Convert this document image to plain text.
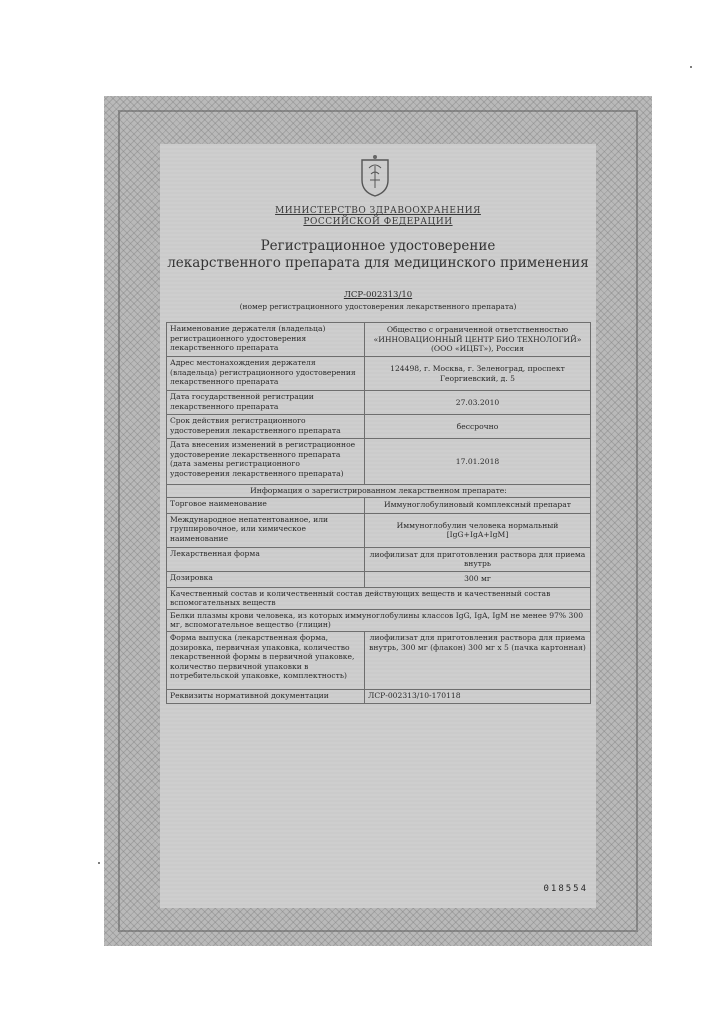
МИНИСТЕРСТВО ЗДРАВООХРАНЕНИЯ
РОССИЙСКОЙ ФЕДЕРАЦИИ
Регистрационное удостоверение
лекарственного препарата для медицинского применения
ЛСР-002313/10
(номер регистрационного удостоверения лекарственного препарата)
Наименование держателя (владельца) регистрационного удостоверения лекарственного препарата	Общество с ограниченной ответственностью «ИННОВАЦИОННЫЙ ЦЕНТР БИО ТЕХНОЛОГИЙ» (ООО «ИЦБТ»), Россия
Адрес местонахождения держателя (владельца) регистрационного удостоверения лекарственного препарата	124498, г. Москва, г. Зеленоград, проспект Георгиевский, д. 5
Дата государственной регистрации лекарственного препарата	27.03.2010
Срок действия регистрационного удостоверения лекарственного препарата	бессрочно
Дата внесения изменений в регистрационное удостоверение лекарственного препарата (дата замены регистрационного удостоверения лекарственного препарата)	17.01.2018
Информация о зарегистрированном лекарственном препарате:	
Торговое наименование	Иммуноглобулиновый комплексный препарат
Международное непатентованное, или группировочное, или химическое наименование	Иммуноглобулин человека нормальный [IgG+IgA+IgM]
Лекарственная форма	лиофилизат для приготовления раствора для приема внутрь
Дозировка	300 мг
Качественный состав и количественный состав действующих веществ и качественный состав вспомогательных веществ	
Белки плазмы крови человека, из которых иммуноглобулины классов IgG, IgA, IgM не менее 97% 300 мг, вспомогательное вещество (глицин)	
Форма выпуска (лекарственная форма, дозировка, первичная упаковка, количество лекарственной формы в первичной упаковке, количество первичной упаковки в потребительской упаковке, комплектность)	лиофилизат для приготовления раствора для приема внутрь, 300 мг (флакон) 300 мг х 5 (пачка картонная)
Реквизиты нормативной документации	ЛСР-002313/10-170118
018554
